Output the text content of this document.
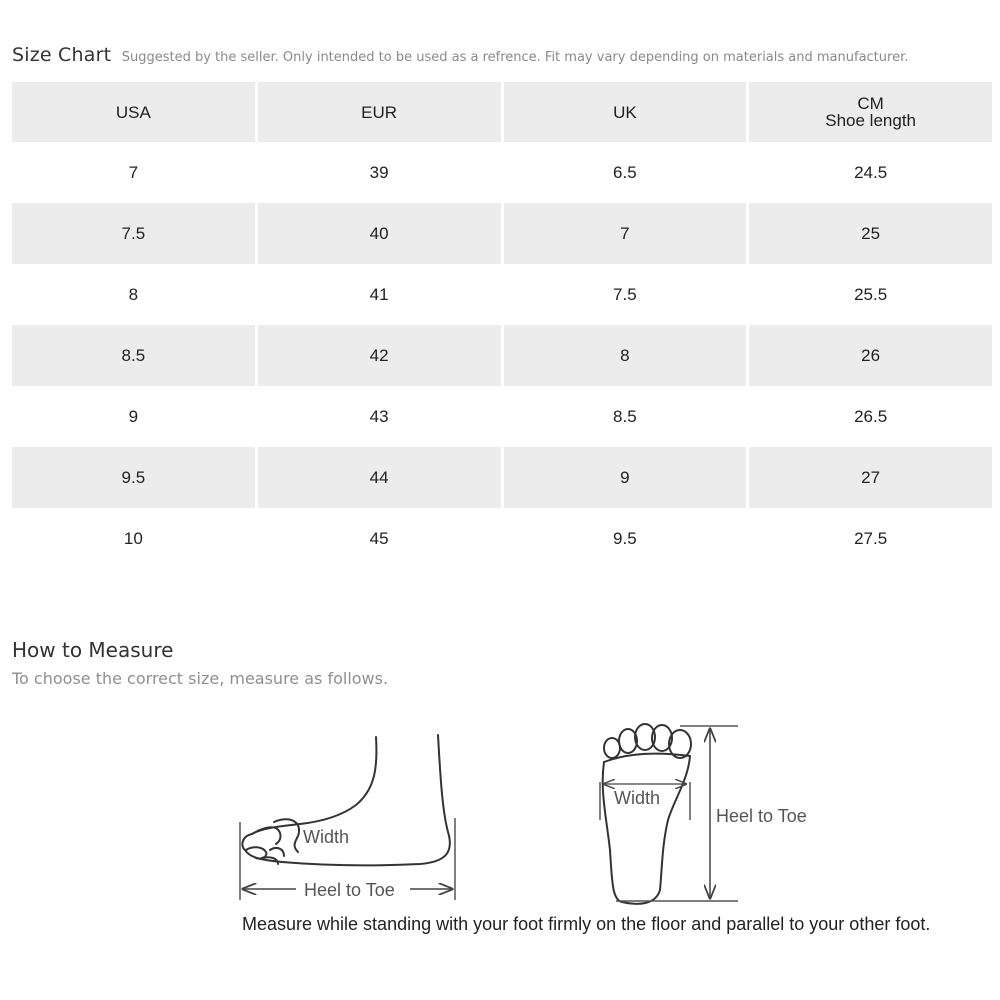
Size Chart Suggested by the seller. Only intended to be used as a refrence. Fit may vary depending on materials and manufacturer.
USA	EUR	UK	CM
Shoe length

7	39	6.5	24.5
7.5	40	7	25
8	41	7.5	25.5
8.5	42	8	26
9	43	8.5	26.5
9.5	44	9	27
10	45	9.5	27.5
How to Measure
To choose the correct size, measure as follows.
Width
Heel to Toe
Width
Heel to Toe
Measure while standing with your foot firmly on the floor and parallel to your other foot.
